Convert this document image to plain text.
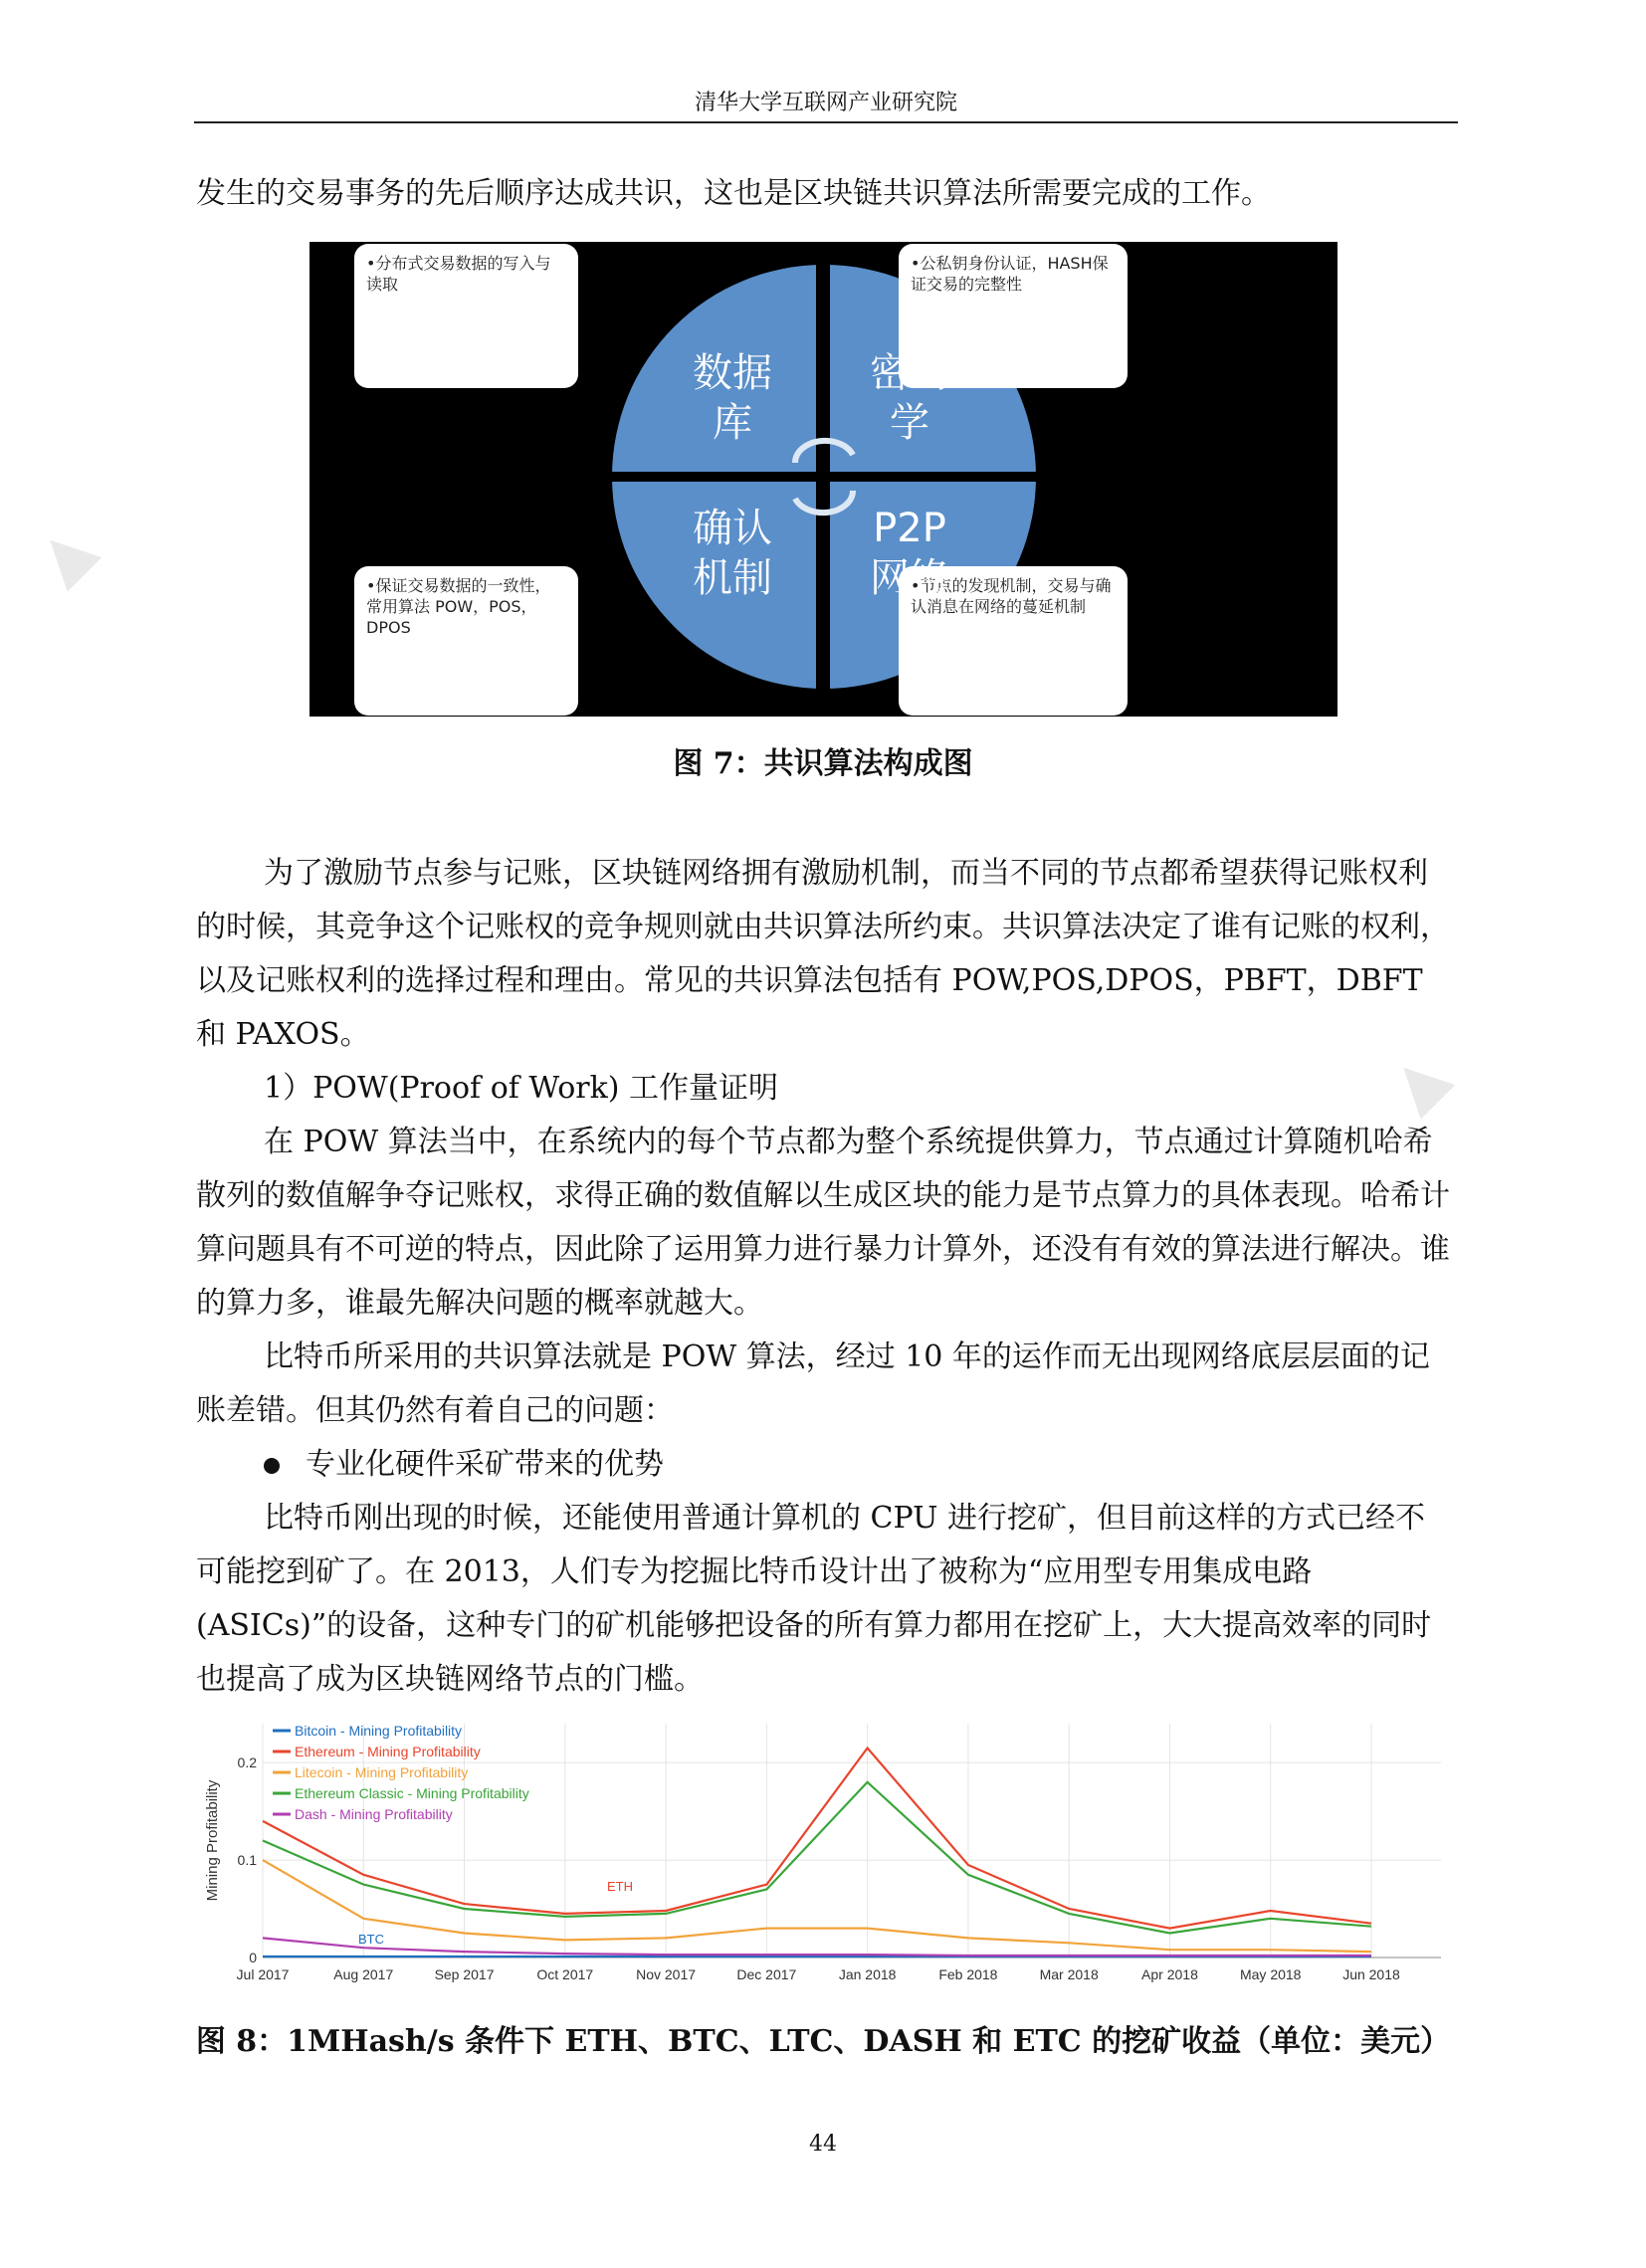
▲
▲
清华大学互联网产业研究院
发生的交易事务的先后顺序达成共识，这也是区块链共识算法所需要完成的工作。
•分布式交易数据的写入与读取
•公私钥身份认证，HASH保证交易的完整性
•保证交易数据的一致性，常用算法 POW，POS，DPOS
•节点的发现机制，交易与确认消息在网络的蔓延机制
数据
库
密码
学
确认
机制
P2P
网络
图 7：共识算法构成图
为了激励节点参与记账，区块链网络拥有激励机制，而当不同的节点都希望获得记账权利的时候，其竞争这个记账权的竞争规则就由共识算法所约束。共识算法决定了谁有记账的权利，以及记账权利的选择过程和理由。常见的共识算法包括有 POW,POS,DPOS，PBFT，DBFT 和 PAXOS。
1）POW(Proof of Work) 工作量证明
在 POW 算法当中，在系统内的每个节点都为整个系统提供算力，节点通过计算随机哈希散列的数值解争夺记账权，求得正确的数值解以生成区块的能力是节点算力的具体表现。哈希计算问题具有不可逆的特点，因此除了运用算力进行暴力计算外，还没有有效的算法进行解决。谁的算力多，谁最先解决问题的概率就越大。
比特币所采用的共识算法就是 POW 算法，经过 10 年的运作而无出现网络底层层面的记账差错。但其仍然有着自己的问题：
专业化硬件采矿带来的优势
比特币刚出现的时候，还能使用普通计算机的 CPU 进行挖矿，但目前这样的方式已经不可能挖到矿了。在 2013，人们专为挖掘比特币设计出了被称为“应用型专用集成电路(ASICs)”的设备，这种专门的矿机能够把设备的所有算力都用在挖矿上，大大提高效率的同时也提高了成为区块链网络节点的门槛。
Jul 2017	Aug 2017	Sep 2017	Oct 2017	Nov 2017	Dec 2017	Jan 2018	Feb 2018	Mar 2018	Apr 2018	May 2018	Jun 2018
0
0.1
0.2
Mining Profitability
Bitcoin - Mining Profitability
Ethereum - Mining Profitability
Litecoin - Mining Profitability
Ethereum Classic - Mining Profitability
Dash - Mining Profitability
ETH
BTC
图 8：1MHash/s 条件下 ETH、BTC、LTC、DASH 和 ETC 的挖矿收益（单位：美元）
44
